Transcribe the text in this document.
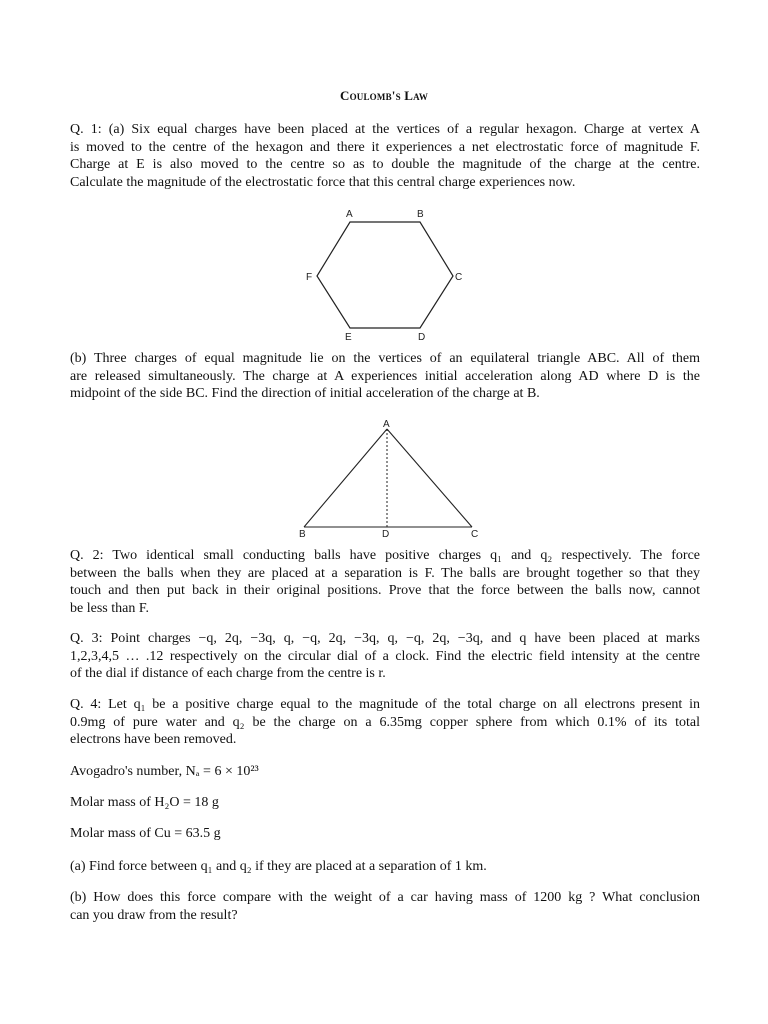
Coulomb's Law
Q. 1: (a) Six equal charges have been placed at the vertices of a regular hexagon. Charge at vertex A
is moved to the centre of the hexagon and there it experiences a net electrostatic force of magnitude F.
Charge at E is also moved to the centre so as to double the magnitude of the charge at the centre.
Calculate the magnitude of the electrostatic force that this central charge experiences now.
A	B
C
D
E
F
(b) Three charges of equal magnitude lie on the vertices of an equilateral triangle ABC. All of them
are released simultaneously. The charge at A experiences initial acceleration along AD where D is the
midpoint of the side BC. Find the direction of initial acceleration of the charge at B.
A
B	C
D
Q. 2: Two identical small conducting balls have positive charges q₁ and q₂ respectively. The force
between the balls when they are placed at a separation is F. The balls are brought together so that they
touch and then put back in their original positions. Prove that the force between the balls now, cannot
be less than F.
Q. 3: Point charges −q, 2q, −3q, q, −q, 2q, −3q, q, −q, 2q, −3q, and q have been placed at marks
1,2,3,4,5 … .12 respectively on the circular dial of a clock. Find the electric field intensity at the centre
of the dial if distance of each charge from the centre is r.
Q. 4: Let q₁ be a positive charge equal to the magnitude of the total charge on all electrons present in
0.9mg of pure water and q₂ be the charge on a 6.35mg copper sphere from which 0.1% of its total
electrons have been removed.
Avogadro's number, Nₐ = 6 × 10²³
Molar mass of H₂O = 18 g
Molar mass of Cu = 63.5 g
(a) Find force between q₁ and q₂ if they are placed at a separation of 1 km.
(b) How does this force compare with the weight of a car having mass of 1200 kg ? What conclusion
can you draw from the result?
